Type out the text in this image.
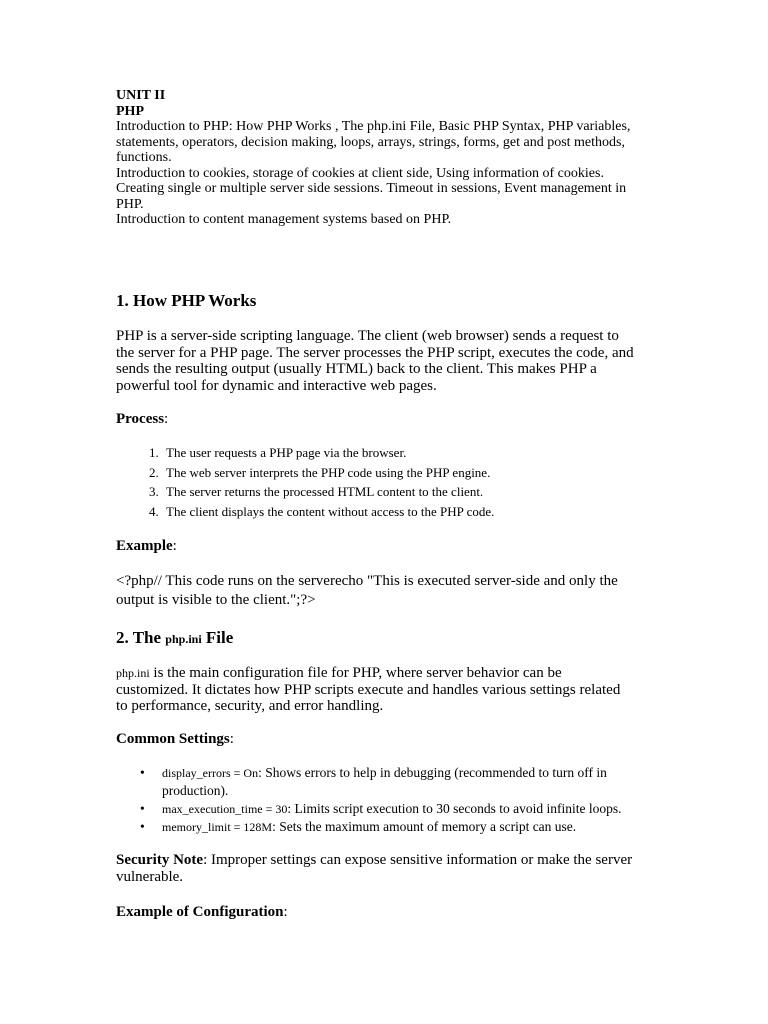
UNIT II
PHP
Introduction to PHP: How PHP Works , The php.ini File, Basic PHP Syntax, PHP variables,
statements, operators, decision making, loops, arrays, strings, forms, get and post methods,
functions.
Introduction to cookies, storage of cookies at client side, Using information of cookies.
Creating single or multiple server side sessions. Timeout in sessions, Event management in
PHP.
Introduction to content management systems based on PHP.
1. How PHP Works
PHP is a server-side scripting language. The client (web browser) sends a request to
the server for a PHP page. The server processes the PHP script, executes the code, and
sends the resulting output (usually HTML) back to the client. This makes PHP a
powerful tool for dynamic and interactive web pages.
Process:
1. The user requests a PHP page via the browser.
2. The web server interprets the PHP code using the PHP engine.
3. The server returns the processed HTML content to the client.
4. The client displays the content without access to the PHP code.
Example:
<?php// This code runs on the serverecho "This is executed server-side and only the
output is visible to the client.";?>
2. The php.ini File
php.ini is the main configuration file for PHP, where server behavior can be
customized. It dictates how PHP scripts execute and handles various settings related
to performance, security, and error handling.
Common Settings:
• display_errors = On: Shows errors to help in debugging (recommended to turn off in
production).
• max_execution_time = 30: Limits script execution to 30 seconds to avoid infinite loops.
• memory_limit = 128M: Sets the maximum amount of memory a script can use.
Security Note: Improper settings can expose sensitive information or make the server
vulnerable.
Example of Configuration:
